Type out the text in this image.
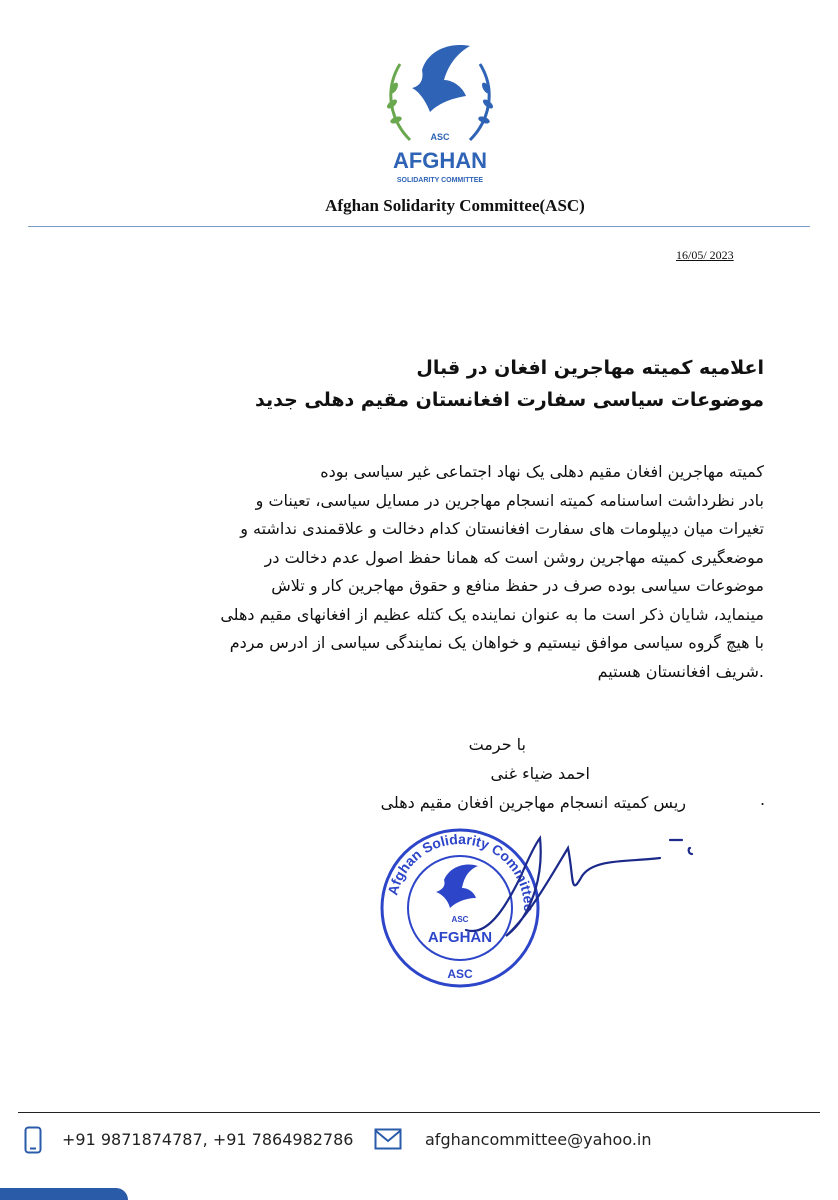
ASC
AFGHAN
SOLIDARITY COMMITTEE
Afghan Solidarity Committee(ASC)
16/05/ 2023
اعلامیه کمیته مهاجرین افغان در قبال
موضوعات سیاسی سفارت افغانستان مقیم دهلی جدید
کمیته مهاجرین افغان مقیم دهلی یک نهاد اجتماعی غیر سیاسی بوده
بادر نظرداشت اساسنامه کمیته انسجام مهاجرین در مسایل سیاسی، تعینات و
تغیرات میان دیپلومات های سفارت افغانستان کدام دخالت و علاقمندی نداشته و
موضعگیری کمیته مهاجرین روشن است که همانا حفظ اصول عدم دخالت در
موضوعات سیاسی بوده صرف در حفظ منافع و حقوق مهاجرین کار و تلاش
مینماید، شایان ذکر است ما به عنوان نماینده یک کتله عظیم از افغانهای مقیم دهلی
با هیچ گروه سیاسی موافق نیستیم و خواهان یک نمایندگی سیاسی از ادرس مردم
.شریف افغانستان هستیم
با حرمت
احمد ضیاء غنی
ریس کمیته انسجام مهاجرین افغان مقیم دهلی	.
Afghan Solidarity Committee
ASC
AFGHAN
ASC
+91 9871874787, +91 7864982786	afghancommittee@yahoo.in
